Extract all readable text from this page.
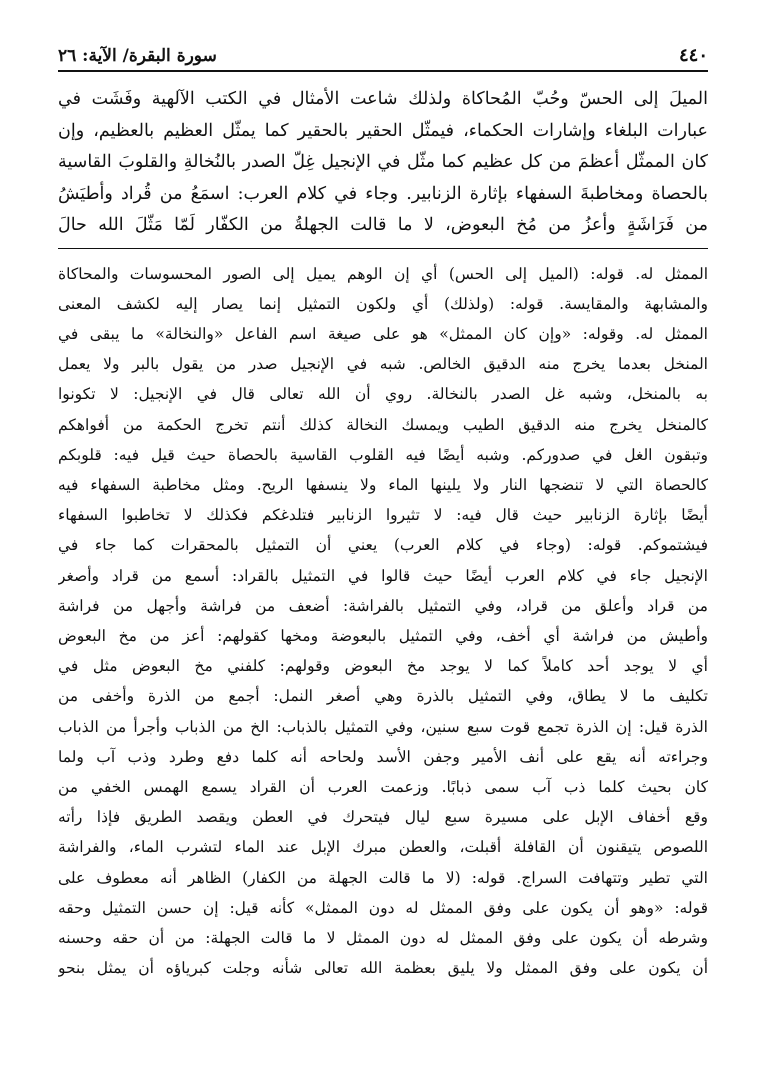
٤٤٠
سورة البقرة/ الآية: ٢٦
الميلَ إلى الحسّ وحُبّ المُحاكاة ولذلك شاعت الأمثال في الكتب الآلهية وفَشَت في
عبارات البلغاء وإشارات الحكماء، فيمثّل الحقير بالحقير كما يمثّل العظيم بالعظيم، وإن
كان الممثّل أعظمَ من كل عظيم كما مثّل في الإنجيل غِلّ الصدر بالنُخالةِ والقلوبَ القاسية
بالحصاة ومخاطبةَ السفهاء بإثارة الزنابير. وجاء في كلام العرب: اسمَعُ من قُراد وأطيَشُ
من فَرَاشَةٍ وأعزُ من مُخ البعوض، لا ما قالت الجهلةُ من الكفّار لَمّا مَثّلَ الله حالَ
الممثل له. قوله: (الميل إلى الحس) أي إن الوهم يميل إلى الصور المحسوسات والمحاكاة
والمشابهة والمقايسة. قوله: (ولذلك) أي ولكون التمثيل إنما يصار إليه لكشف المعنى
الممثل له. وقوله: «وإن كان الممثل» هو على صيغة اسم الفاعل «والنخالة» ما يبقى في
المنخل بعدما يخرج منه الدقيق الخالص. شبه في الإنجيل صدر من يقول بالبر ولا يعمل
به بالمنخل، وشبه غل الصدر بالنخالة. روي أن الله تعالى قال في الإنجيل: لا تكونوا
كالمنخل يخرج منه الدقيق الطيب ويمسك النخالة كذلك أنتم تخرج الحكمة من أفواهكم
وتبقون الغل في صدوركم. وشبه أيضًا فيه القلوب القاسية بالحصاة حيث قيل فيه: قلوبكم
كالحصاة التي لا تنضجها النار ولا يلينها الماء ولا ينسفها الريح. ومثل مخاطبة السفهاء فيه
أيضًا بإثارة الزنابير حيث قال فيه: لا تثيروا الزنابير فتلدغكم فكذلك لا تخاطبوا السفهاء
فيشتموكم. قوله: (وجاء في كلام العرب) يعني أن التمثيل بالمحقرات كما جاء في
الإنجيل جاء في كلام العرب أيضًا حيث قالوا في التمثيل بالقراد: أسمع من قراد وأصغر
من قراد وأعلق من قراد، وفي التمثيل بالفراشة: أضعف من فراشة وأجهل من فراشة
وأطيش من فراشة أي أخف، وفي التمثيل بالبعوضة ومخها كقولهم: أعز من مخ البعوض
أي لا يوجد أحد كاملاً كما لا يوجد مخ البعوض وقولهم: كلفني مخ البعوض مثل في
تكليف ما لا يطاق، وفي التمثيل بالذرة وهي أصغر النمل: أجمع من الذرة وأخفى من
الذرة قيل: إن الذرة تجمع قوت سبع سنين، وفي التمثيل بالذباب: الخ من الذباب وأجرأ من الذباب
وجراءته أنه يقع على أنف الأمير وجفن الأسد ولحاحه أنه كلما دفع وطرد وذب آب ولما
كان بحيث كلما ذب آب سمى ذبابًا. وزعمت العرب أن القراد يسمع الهمس الخفي من
وقع أخفاف الإبل على مسيرة سبع ليال فيتحرك في العطن ويقصد الطريق فإذا رأته
اللصوص يتيقنون أن القافلة أقبلت، والعطن مبرك الإبل عند الماء لتشرب الماء، والفراشة
التي تطير وتتهافت السراج. قوله: (لا ما قالت الجهلة من الكفار) الظاهر أنه معطوف على
قوله: «وهو أن يكون على وفق الممثل له دون الممثل» كأنه قيل: إن حسن التمثيل وحقه
وشرطه أن يكون على وفق الممثل له دون الممثل لا ما قالت الجهلة: من أن حقه وحسنه
أن يكون على وفق الممثل ولا يليق بعظمة الله تعالى شأنه وجلت كبرياؤه أن يمثل بنحو
